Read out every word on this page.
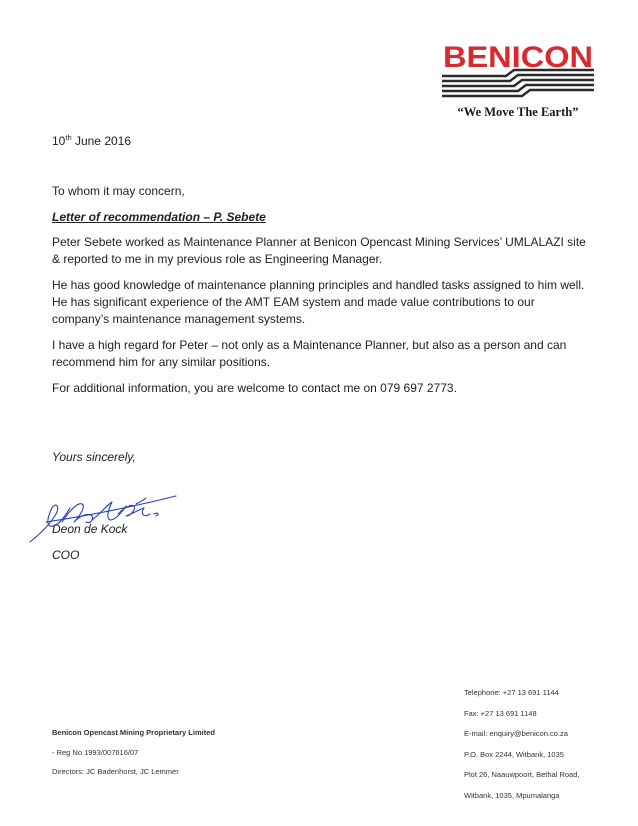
BENICON
“We Move The Earth”
10th June 2016
To whom it may concern,
Letter of recommendation – P. Sebete

Peter Sebete worked as Maintenance Planner at Benicon Opencast Mining Services’ UMLALAZI site & reported to me in my previous role as Engineering Manager.

He has good knowledge of maintenance planning principles and handled tasks assigned to him well. He has significant experience of the AMT EAM system and made value contributions to our company’s maintenance management systems.

I have a high regard for Peter – not only as a Maintenance Planner, but also as a person and can recommend him for any similar positions.

For additional information, you are welcome to contact me on 079 697 2773.

Yours sincerely,
Deon de Kock
COO
Benicon Opencast Mining Proprietary Limited
- Reg No 1993/007616/07
Directors: JC Badenhorst, JC Lemmer
Telephone: +27 13 691 1144
Fax: +27 13 691 1148
E-mail: enquiry@benicon.co.za
P.O. Box 2244, Witbank, 1035
Plot 26, Naauwpoort, Bethal Road,
Witbank, 1035, Mpumalanga
